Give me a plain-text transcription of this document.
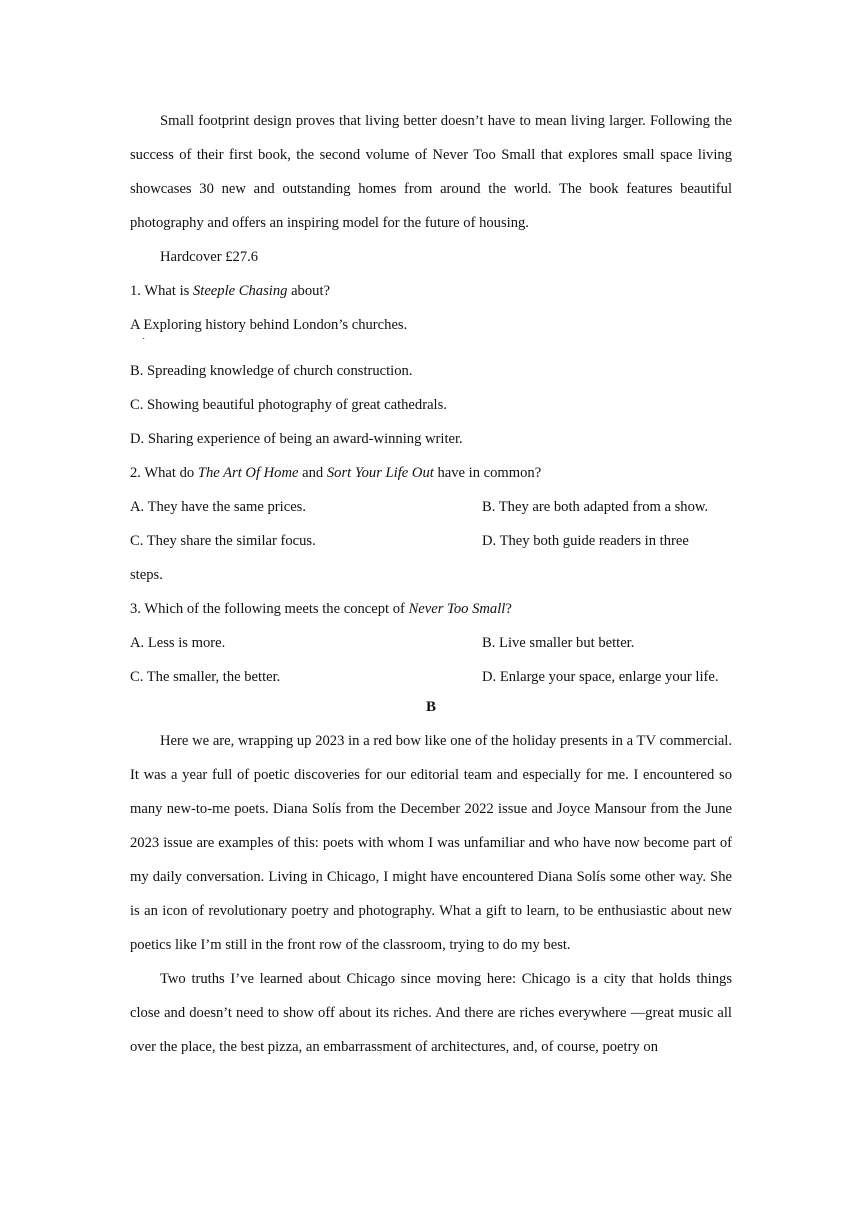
Small footprint design proves that living better doesn’t have to mean living larger. Following the success of their first book, the second volume of Never Too Small that explores small space living showcases 30 new and outstanding homes from around the world. The book features beautiful photography and offers an inspiring model for the future of housing.

Hardcover £27.6

1. What is Steeple Chasing about?

A Exploring history behind London’s churches.

˙

B. Spreading knowledge of church construction.

C. Showing beautiful photography of great cathedrals.

D. Sharing experience of being an award-winning writer.

2. What do The Art Of Home and Sort Your Life Out have in common?

A. They have the same prices.	B. They are both adapted from a show.
C. They share the similar focus.	D. They both guide readers in three

steps.

3. Which of the following meets the concept of Never Too Small?

A. Less is more.	B. Live smaller but better.
C. The smaller, the better.	D. Enlarge your space, enlarge your life.

B

Here we are, wrapping up 2023 in a red bow like one of the holiday presents in a TV commercial. It was a year full of poetic discoveries for our editorial team and especially for me. I encountered so many new-to-me poets. Diana Solís from the December 2022 issue and Joyce Mansour from the June 2023 issue are examples of this: poets with whom I was unfamiliar and who have now become part of my daily conversation. Living in Chicago, I might have encountered Diana Solís some other way. She is an icon of revolutionary poetry and photography. What a gift to learn, to be enthusiastic about new poetics like I’m still in the front row of the classroom, trying to do my best.

Two truths I’ve learned about Chicago since moving here: Chicago is a city that holds things close and doesn’t need to show off about its riches. And there are riches everywhere —great music all over the place, the best pizza, an embarrassment of architectures, and, of course, poetry on
